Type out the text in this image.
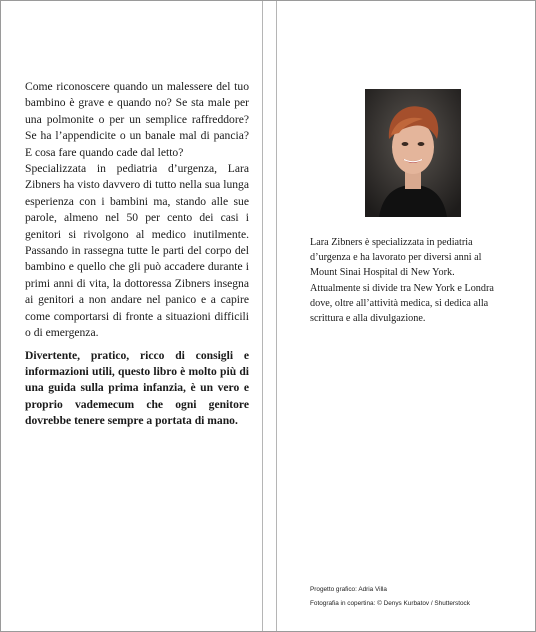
Come riconoscere quando un malessere del tuo bambino è grave e quando no? Se sta male per una polmonite o per un semplice raffreddore? Se ha l’appendicite o un banale mal di pancia? E cosa fare quando cade dal letto?

Specializzata in pediatria d’urgenza, Lara Zibners ha visto davvero di tutto nella sua lunga esperienza con i bambini ma, stando alle sue parole, almeno nel 50 per cento dei casi i genitori si rivolgono al medico inutilmente. Passando in rassegna tutte le parti del corpo del bambino e quello che gli può accadere durante i primi anni di vita, la dottoressa Zibners insegna ai genitori a non andare nel panico e a capire come comportarsi di fronte a situazioni difficili o di emergenza.

Divertente, pratico, ricco di consigli e informazioni utili, questo libro è molto più di una guida sulla prima infanzia, è un vero e proprio vademecum che ogni genitore dovrebbe tenere sempre a portata di mano.

Lara Zibners è specializzata in pediatria d’urgenza e ha lavorato per diversi anni al Mount Sinai Hospital di New York. Attualmente si divide tra New York e Londra dove, oltre all’attività medica, si dedica alla scrittura e alla divulgazione.

Progetto grafico: Adria Villa
Fotografia in copertina: © Denys Kurbatov / Shutterstock
